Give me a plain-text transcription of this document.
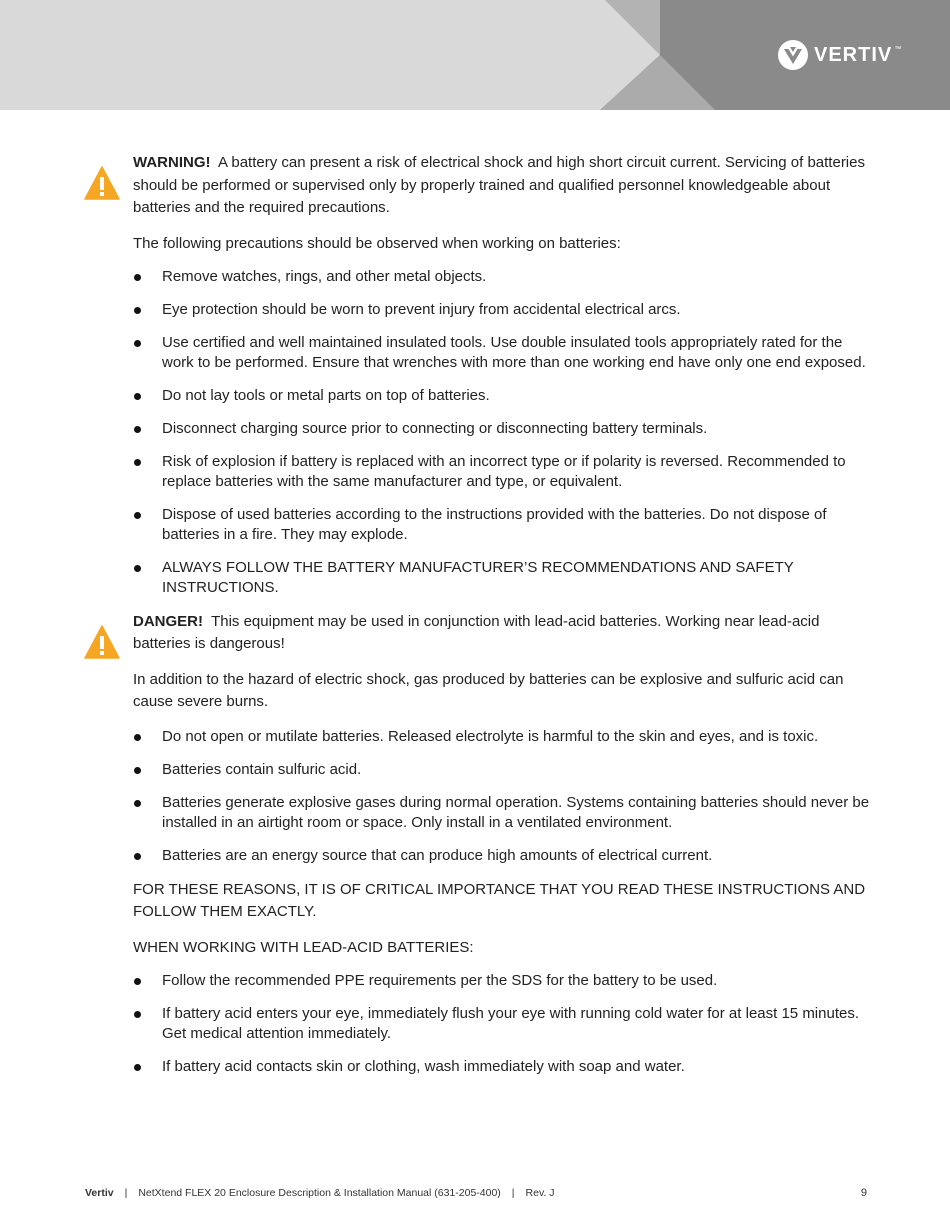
VERTIV ™
WARNING! A battery can present a risk of electrical shock and high short circuit current. Servicing of batteries should be performed or supervised only by properly trained and qualified personnel knowledgeable about batteries and the required precautions.

The following precautions should be observed when working on batteries:

Remove watches, rings, and other metal objects.
Eye protection should be worn to prevent injury from accidental electrical arcs.
Use certified and well maintained insulated tools. Use double insulated tools appropriately rated for the work to be performed. Ensure that wrenches with more than one working end have only one end exposed.
Do not lay tools or metal parts on top of batteries.
Disconnect charging source prior to connecting or disconnecting battery terminals.
Risk of explosion if battery is replaced with an incorrect type or if polarity is reversed. Recommended to replace batteries with the same manufacturer and type, or equivalent.
Dispose of used batteries according to the instructions provided with the batteries. Do not dispose of batteries in a fire. They may explode.
ALWAYS FOLLOW THE BATTERY MANUFACTURER’S RECOMMENDATIONS AND SAFETY INSTRUCTIONS.
DANGER! This equipment may be used in conjunction with lead-acid batteries. Working near lead-acid batteries is dangerous!

In addition to the hazard of electric shock, gas produced by batteries can be explosive and sulfuric acid can cause severe burns.

Do not open or mutilate batteries. Released electrolyte is harmful to the skin and eyes, and is toxic.
Batteries contain sulfuric acid.
Batteries generate explosive gases during normal operation. Systems containing batteries should never be installed in an airtight room or space. Only install in a ventilated environment.
Batteries are an energy source that can produce high amounts of electrical current.

FOR THESE REASONS, IT IS OF CRITICAL IMPORTANCE THAT YOU READ THESE INSTRUCTIONS AND FOLLOW THEM EXACTLY.

WHEN WORKING WITH LEAD-ACID BATTERIES:

Follow the recommended PPE requirements per the SDS for the battery to be used.
If battery acid enters your eye, immediately flush your eye with running cold water for at least 15 minutes. Get medical attention immediately.
If battery acid contacts skin or clothing, wash immediately with soap and water.
Vertiv | NetXtend FLEX 20 Enclosure Description & Installation Manual (631-205-400) | Rev. J	9
